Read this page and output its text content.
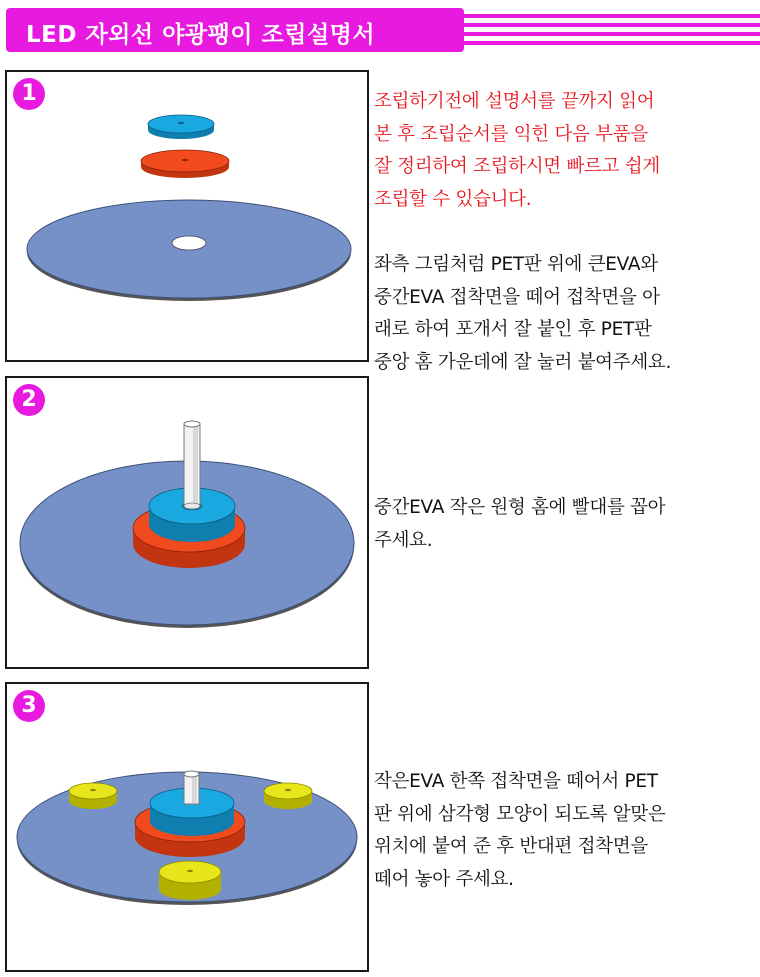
LED 자외선 야광팽이 조립설명서
1	조립하기전에 설명서를 끝까지 읽어

본 후 조립순서를 익힌 다음 부품을

잘 정리하여 조립하시면 빠르고 쉽게

조립할 수 있습니다.

좌측 그림처럼 PET판 위에 큰EVA와

중간EVA 접착면을 떼어 접착면을 아

래로 하여 포개서 잘 붙인 후 PET판

중앙 홈 가운데에 잘 눌러 붙여주세요.

2

중간EVA 작은 원형 홈에 빨대를 꼽아

주세요.

3

작은EVA 한쪽 접착면을 떼어서 PET

판 위에 삼각형 모양이 되도록 알맞은

위치에 붙여 준 후 반대편 접착면을

떼어 놓아 주세요.
